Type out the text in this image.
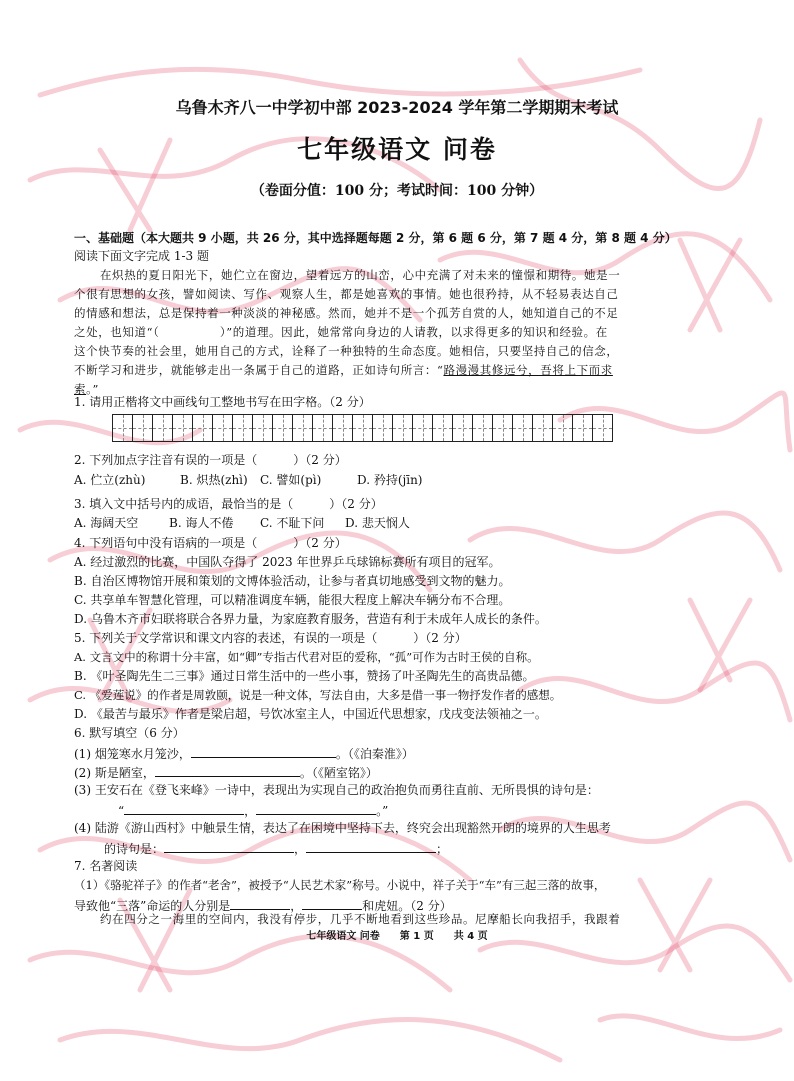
乌鲁木齐八一中学初中部 2023-2024 学年第二学期期末考试
七年级语文 问卷
（卷面分值：100 分；考试时间：100 分钟）
一、基础题（本大题共 9 小题，共 26 分，其中选择题每题 2 分，第 6 题 6 分，第 7 题 4 分，第 8 题 4 分）
阅读下面文字完成 1-3 题
在炽热的夏日阳光下，她伫立在窗边，望着远方的山峦，心中充满了对未来的憧憬和期待。她是一
个很有思想的女孩，譬如阅读、写作、观察人生，都是她喜欢的事情。她也很矜持，从不轻易表达自己
的情感和想法，总是保持着一种淡淡的神秘感。然而，她并不是一个孤芳自赏的人，她知道自己的不足
之处，也知道“（　　　　　）”的道理。因此，她常常向身边的人请教，以求得更多的知识和经验。在
这个快节奏的社会里，她用自己的方式，诠释了一种独特的生命态度。她相信，只要坚持自己的信念，
不断学习和进步，就能够走出一条属于自己的道路，正如诗句所言：“路漫漫其修远兮，吾将上下而求
索。”
1. 请用正楷将文中画线句工整地书写在田字格。（2 分）
2. 下列加点字注音有误的一项是（　　　）（2 分）
A. 伫立(zhù)	B. 炽热(zhì) C. 譬如(pì)	D. 矜持(jīn)
3. 填入文中括号内的成语，最恰当的是（　　　）（2 分）
A. 海阔天空	B. 诲人不倦 C. 不耻下问 D. 悲天悯人
4. 下列语句中没有语病的一项是（　　　）（2 分）
A. 经过激烈的比赛，中国队夺得了 2023 年世界乒乓球锦标赛所有项目的冠军。
B. 自治区博物馆开展和策划的文博体验活动，让参与者真切地感受到文物的魅力。
C. 共享单车智慧化管理，可以精准调度车辆，能很大程度上解决车辆分布不合理。
D. 乌鲁木齐市妇联将联合各界力量，为家庭教育服务，营造有利于未成年人成长的条件。
5. 下列关于文学常识和课文内容的表述，有误的一项是（　　　）（2 分）
A. 文言文中的称谓十分丰富，如“卿”专指古代君对臣的爱称，“孤”可作为古时王侯的自称。
B. 《叶圣陶先生二三事》通过日常生活中的一些小事，赞扬了叶圣陶先生的高贵品德。
C. 《爱莲说》的作者是周敦颐，说是一种文体，写法自由，大多是借一事一物抒发作者的感想。
D. 《最苦与最乐》作者是梁启超，号饮冰室主人，中国近代思想家，戊戌变法领袖之一。
6. 默写填空（6 分）
(1) 烟笼寒水月笼沙，	。（《泊秦淮》）
(2) 斯是陋室，	。（《陋室铭》）
(3) 王安石在《登飞来峰》一诗中，表现出为实现自己的政治抱负而勇往直前、无所畏惧的诗句是：
“	，	。”
(4) 陆游《游山西村》中触景生情，表达了在困境中坚持下去，终究会出现豁然开朗的境界的人生思考
的诗句是：	，	；
7. 名著阅读
（1）《骆驼祥子》的作者“老舍”，被授予“人民艺术家”称号。小说中，祥子关于“车”有三起三落的故事，
导致他“三落”命运的人分别是	，	和虎妞。（2 分）
约在四分之一海里的空间内，我没有停步，几乎不断地看到这些珍品。尼摩船长向我招手，我跟着
七年级语文 问卷　　第 1 页　　共 4 页
